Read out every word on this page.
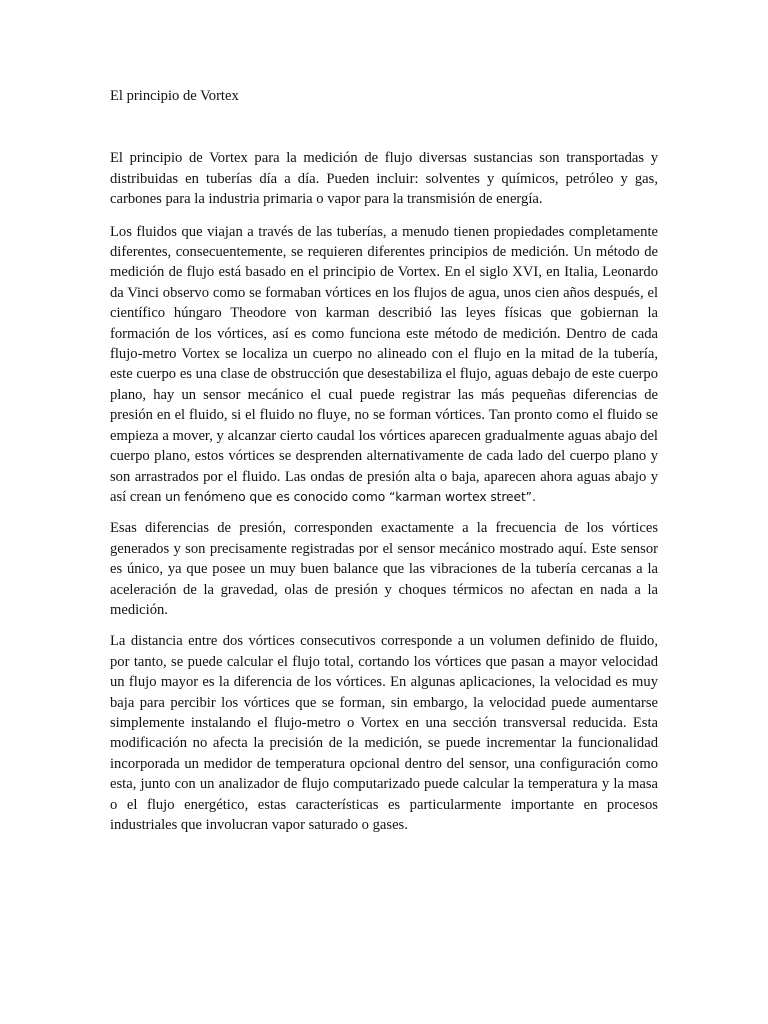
El principio de Vortex

El principio de Vortex para la medición de flujo diversas sustancias son transportadas y distribuidas en tuberías día a día. Pueden incluir: solventes y químicos, petróleo y gas, carbones para la industria primaria o vapor para la transmisión de energía.

Los fluidos que viajan a través de las tuberías, a menudo tienen propiedades completamente diferentes, consecuentemente, se requieren diferentes principios de medición. Un método de medición de flujo está basado en el principio de Vortex. En el siglo XVI, en Italia, Leonardo da Vinci observo como se formaban vórtices en los flujos de agua, unos cien años después, el científico húngaro Theodore von karman describió las leyes físicas que gobiernan la formación de los vórtices, así es como funciona este método de medición. Dentro de cada flujo-metro Vortex se localiza un cuerpo no alineado con el flujo en la mitad de la tubería, este cuerpo es una clase de obstrucción que desestabiliza el flujo, aguas debajo de este cuerpo plano, hay un sensor mecánico el cual puede registrar las más pequeñas diferencias de presión en el fluido, si el fluido no fluye, no se forman vórtices. Tan pronto como el fluido se empieza a mover, y alcanzar cierto caudal los vórtices aparecen gradualmente aguas abajo del cuerpo plano, estos vórtices se desprenden alternativamente de cada lado del cuerpo plano y son arrastrados por el fluido. Las ondas de presión alta o baja, aparecen ahora aguas abajo y así crean un fenómeno que es conocido como “karman wortex street”.

Esas diferencias de presión, corresponden exactamente a la frecuencia de los vórtices generados y son precisamente registradas por el sensor mecánico mostrado aquí. Este sensor es único, ya que posee un muy buen balance que las vibraciones de la tubería cercanas a la aceleración de la gravedad, olas de presión y choques térmicos no afectan en nada a la medición.

La distancia entre dos vórtices consecutivos corresponde a un volumen definido de fluido, por tanto, se puede calcular el flujo total, cortando los vórtices que pasan a mayor velocidad un flujo mayor es la diferencia de los vórtices. En algunas aplicaciones, la velocidad es muy baja para percibir los vórtices que se forman, sin embargo, la velocidad puede aumentarse simplemente instalando el flujo-metro o Vortex en una sección transversal reducida. Esta modificación no afecta la precisión de la medición, se puede incrementar la funcionalidad incorporada un medidor de temperatura opcional dentro del sensor, una configuración como esta, junto con un analizador de flujo computarizado puede calcular la temperatura y la masa o el flujo energético, estas características es particularmente importante en procesos industriales que involucran vapor saturado o gases.
